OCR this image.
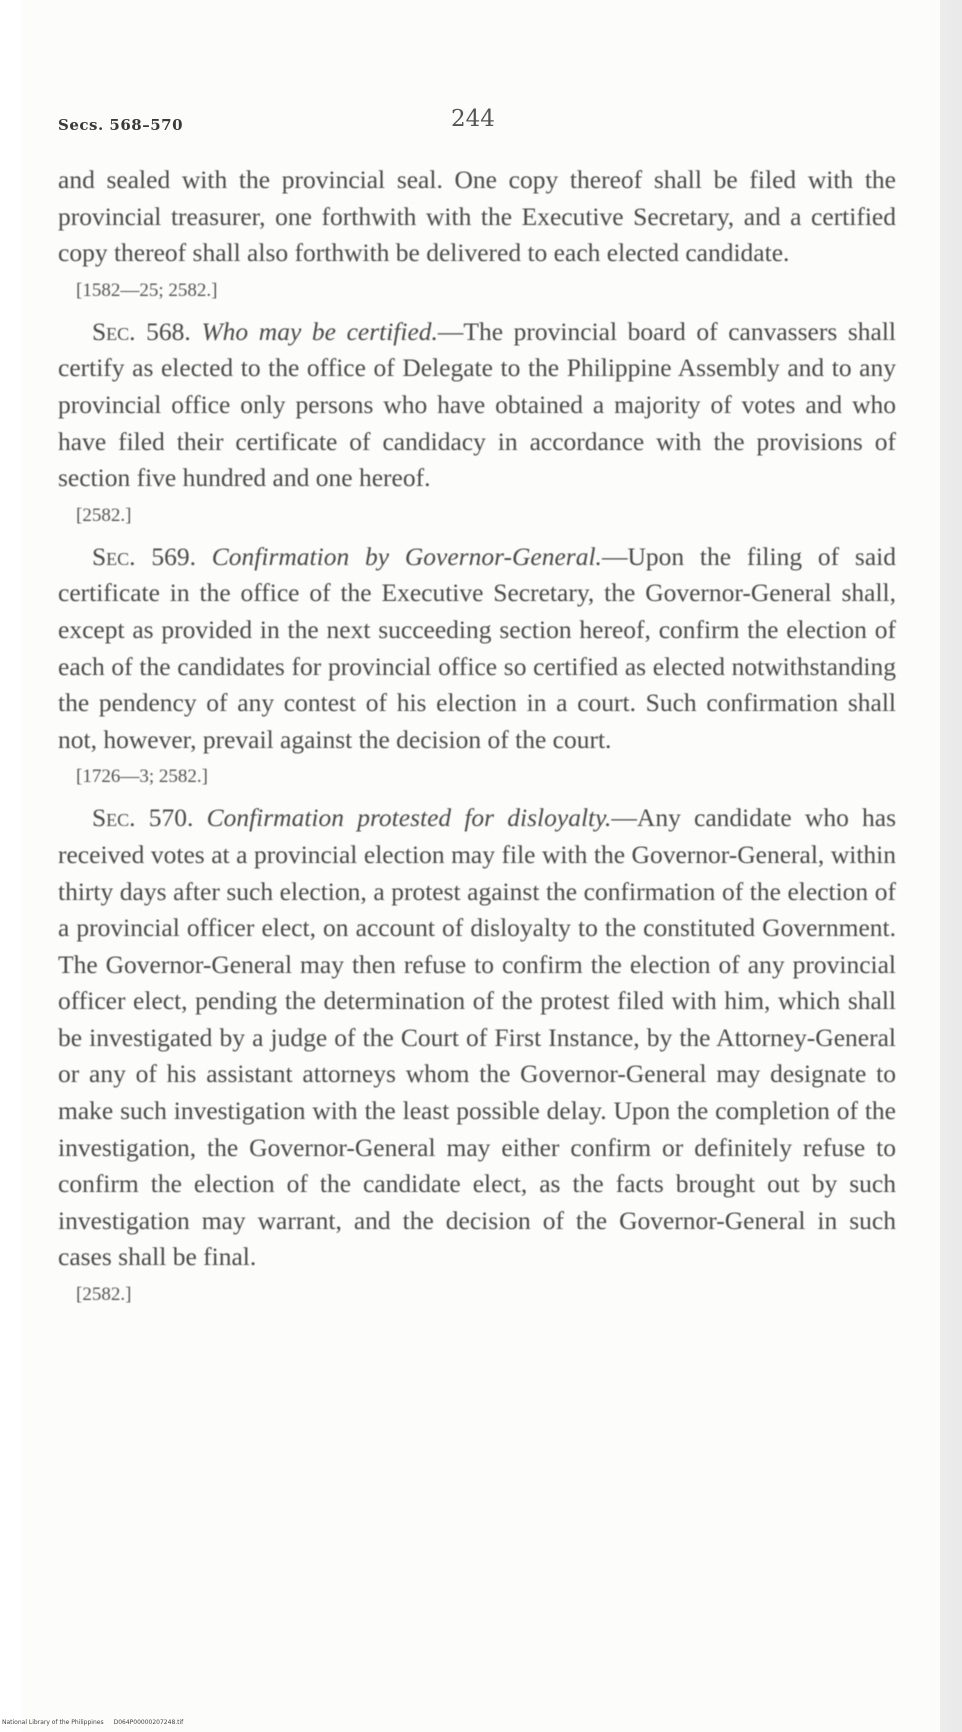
Secs. 568–570	244

and sealed with the provincial seal. One copy thereof shall be filed with the provincial treasurer, one forthwith with the Executive Secretary, and a certified copy thereof shall also forthwith be delivered to each elected candidate.

[1582—25; 2582.]

Sec. 568. Who may be certified.—The provincial board of canvassers shall certify as elected to the office of Delegate to the Philippine Assembly and to any provincial office only persons who have obtained a majority of votes and who have filed their certificate of candidacy in accordance with the provisions of section five hundred and one hereof.

[2582.]

Sec. 569. Confirmation by Governor-General.—Upon the filing of said certificate in the office of the Executive Secretary, the Governor-General shall, except as provided in the next succeeding section hereof, confirm the election of each of the candidates for provincial office so certified as elected notwithstanding the pendency of any contest of his election in a court. Such confirmation shall not, however, prevail against the decision of the court.

[1726—3; 2582.]

Sec. 570. Confirmation protested for disloyalty.—Any candidate who has received votes at a provincial election may file with the Governor-General, within thirty days after such election, a protest against the confirmation of the election of a provincial officer elect, on account of disloyalty to the constituted Government. The Governor-General may then refuse to confirm the election of any provincial officer elect, pending the determination of the protest filed with him, which shall be investigated by a judge of the Court of First Instance, by the Attorney-General or any of his assistant attorneys whom the Governor-General may designate to make such investigation with the least possible delay. Upon the completion of the investigation, the Governor-General may either confirm or definitely refuse to confirm the election of the candidate elect, as the facts brought out by such investigation may warrant, and the decision of the Governor-General in such cases shall be final.

[2582.]
National Library of the Philippines D064P00000207248.tif
